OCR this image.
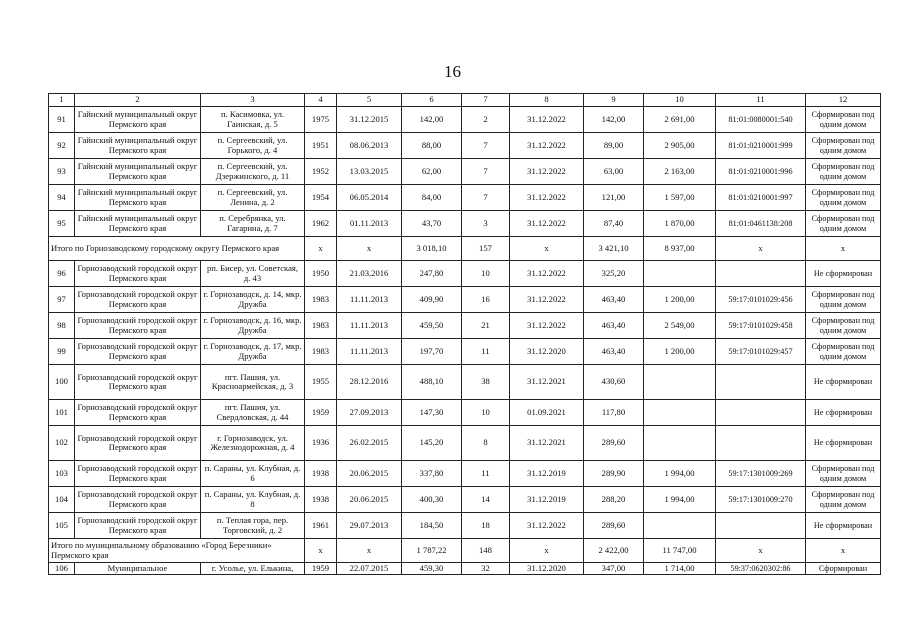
16
1	2	3	4	5	6	7	8	9	10	11	12
91	Гайнский муниципальный округ Пермского края	п. Касимовка, ул. Гаинская, д. 5	1975	31.12.2015	142,00	2	31.12.2022	142,00	2 691,00	81:01:0080001:540	Сформирован под одним домом
92	Гайнский муниципальный округ Пермского края	п. Сергеевский, ул. Горького, д. 4	1951	08.06.2013	88,00	7	31.12.2022	89,00	2 905,00	81:01:0210001:999	Сформирован под одним домом
93	Гайнский муниципальный округ Пермского края	п. Сергеевский, ул. Дзержинского, д. 11	1952	13.03.2015	62,00	7	31.12.2022	63,00	2 163,00	81:01:0210001:996	Сформирован под одним домом
94	Гайнский муниципальный округ Пермского края	п. Сергеевский, ул. Ленина, д. 2	1954	06.05.2014	84,00	7	31.12.2022	121,00	1 597,00	81:01:0210001:997	Сформирован под одним домом
95	Гайнский муниципальный округ Пермского края	п. Серебрянка, ул. Гагарина, д. 7	1962	01.11.2013	43,70	3	31.12.2022	87,40	1 870,00	81:01:0461138:208	Сформирован под одним домом
Итого по Горнозаводскому городскому округу Пермского края			x	x	3 018,10	157	x	3 421,10	8 937,00	x	x
96	Горнозаводский городской округ Пермского края	рп. Бисер, ул. Советская, д. 43	1950	21.03.2016	247,80	10	31.12.2022	325,20			Не сформирован
97	Горнозаводский городской округ Пермского края	г. Горнозаводск, д. 14, мкр. Дружба	1983	11.11.2013	409,90	16	31.12.2022	463,40	1 200,00	59:17:0101029:456	Сформирован под одним домом
98	Горнозаводский городской округ Пермского края	г. Горнозаводск, д. 16, мкр. Дружба	1983	11.11.2013	459,50	21	31.12.2022	463,40	2 549,00	59:17:0101029:458	Сформирован под одним домом
99	Горнозаводский городской округ Пермского края	г. Горнозаводск, д. 17, мкр. Дружба	1983	11.11.2013	197,70	11	31.12.2020	463,40	1 200,00	59:17:0101029:457	Сформирован под одним домом
100	Горнозаводский городской округ Пермского края	пгт. Пашия, ул. Красноармейская, д. 3	1955	28.12.2016	488,10	38	31.12.2021	430,60			Не сформирован
101	Горнозаводский городской округ Пермского края	пгт. Пашия, ул. Свердловская, д. 44	1959	27.09.2013	147,30	10	01.09.2021	117,80			Не сформирован
102	Горнозаводский городской округ Пермского края	г. Горнозаводск, ул. Железнодорожная, д. 4	1936	26.02.2015	145,20	8	31.12.2021	289,60			Не сформирован
103	Горнозаводский городской округ Пермского края	п. Сараны, ул. Клубная, д. 6	1938	20.06.2015	337,80	11	31.12.2019	289,90	1 994,00	59:17:1301009:269	Сформирован под одним домом
104	Горнозаводский городской округ Пермского края	п. Сараны, ул. Клубная, д. 8	1938	20.06.2015	400,30	14	31.12.2019	288,20	1 994,00	59:17:1301009:270	Сформирован под одним домом
105	Горнозаводский городской округ Пермского края	п. Теплая гора, пер. Торговский, д. 2	1961	29.07.2013	184,50	18	31.12.2022	289,60			Не сформирован
Итого по муниципальному образованию «Город Березники» Пермского края			x	x	1 787,22	148	x	2 422,00	11 747,00	x	x
106	Муниципальное	г. Усолье, ул. Елькина,	1959	22.07.2015	459,30	32	31.12.2020	347,00	1 714,00	59:37:0620302:86	Сформирован
